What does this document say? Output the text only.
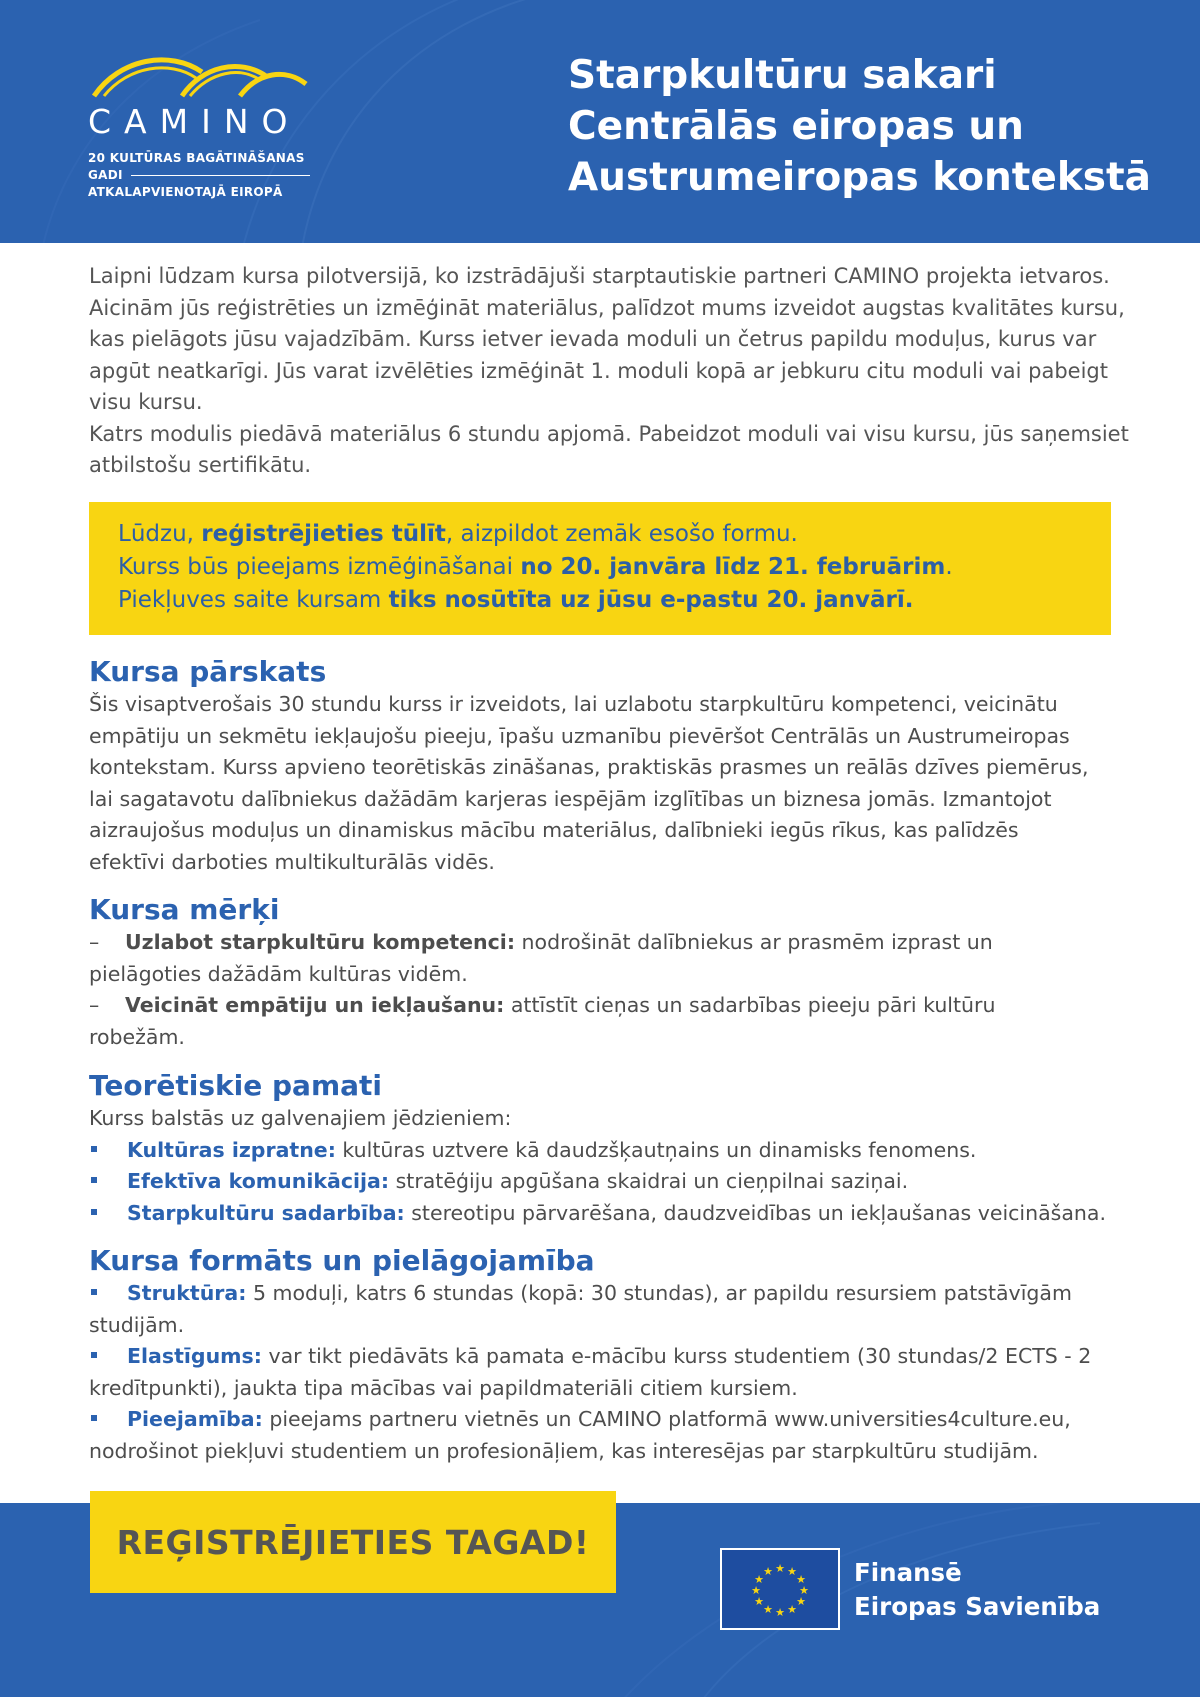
CAMINO
20 KULTŪRAS BAGĀTINĀŠANAS
GADI
ATKALAPVIENOTAJĀ EIROPĀ
Starpkultūru sakari
Centrālās eiropas un
Austrumeiropas kontekstā

Laipni lūdzam kursa pilotversijā, ko izstrādājuši starptautiskie partneri CAMINO projekta ietvaros. Aicinām jūs reģistrēties un izmēģināt materiālus, palīdzot mums izveidot augstas kvalitātes kursu, kas pielāgots jūsu vajadzībām. Kurss ietver ievada moduli un četrus papildu moduļus, kurus var apgūt neatkarīgi. Jūs varat izvēlēties izmēģināt 1. moduli kopā ar jebkuru citu moduli vai pabeigt visu kursu.

Katrs modulis piedāvā materiālus 6 stundu apjomā. Pabeidzot moduli vai visu kursu, jūs saņemsiet atbilstošu sertifikātu.

Lūdzu, reģistrējieties tūlīt, aizpildot zemāk esošo formu.
Kurss būs pieejams izmēģināšanai no 20. janvāra līdz 21. februārim.
Piekļuves saite kursam tiks nosūtīta uz jūsu e-pastu 20. janvārī.
Kursa pārskats

Šis visaptverošais 30 stundu kurss ir izveidots, lai uzlabotu starpkultūru kompetenci, veicinātu empātiju un sekmētu iekļaujošu pieeju, īpašu uzmanību pievēršot Centrālās un Austrumeiropas kontekstam. Kurss apvieno teorētiskās zināšanas, praktiskās prasmes un reālās dzīves piemērus, lai sagatavotu dalībniekus dažādām karjeras iespējām izglītības un biznesa jomās. Izmantojot aizraujošus moduļus un dinamiskus mācību materiālus, dalībnieki iegūs rīkus, kas palīdzēs efektīvi darboties multikulturālās vidēs.

Kursa mērķi
– Uzlabot starpkultūru kompetenci: nodrošināt dalībniekus ar prasmēm izprast un pielāgoties dažādām kultūras vidēm.
– Veicināt empātiju un iekļaušanu: attīstīt cieņas un sadarbības pieeju pāri kultūru robežām.
Teorētiskie pamati

Kurss balstās uz galvenajiem jēdzieniem:

Kultūras izpratne: kultūras uztvere kā daudzšķautņains un dinamisks fenomens.
Efektīva komunikācija: stratēģiju apgūšana skaidrai un cieņpilnai saziņai.
Starpkultūru sadarbība: stereotipu pārvarēšana, daudzveidības un iekļaušanas veicināšana.
Kursa formāts un pielāgojamība
Struktūra: 5 moduļi, katrs 6 stundas (kopā: 30 stundas), ar papildu resursiem patstāvīgām studijām.
Elastīgums: var tikt piedāvāts kā pamata e-mācību kurss studentiem (30 stundas/2 ECTS - 2 kredītpunkti), jaukta tipa mācības vai papildmateriāli citiem kursiem.
Pieejamība: pieejams partneru vietnēs un CAMINO platformā www.universities4culture.eu, nodrošinot piekļuvi studentiem un profesionāļiem, kas interesējas par starpkultūru studijām.
REĢISTRĒJIETIES TAGAD!
★ ★
★
★
★
★
★
★
★
★
★
★	Finansē
Eiropas Savienība
